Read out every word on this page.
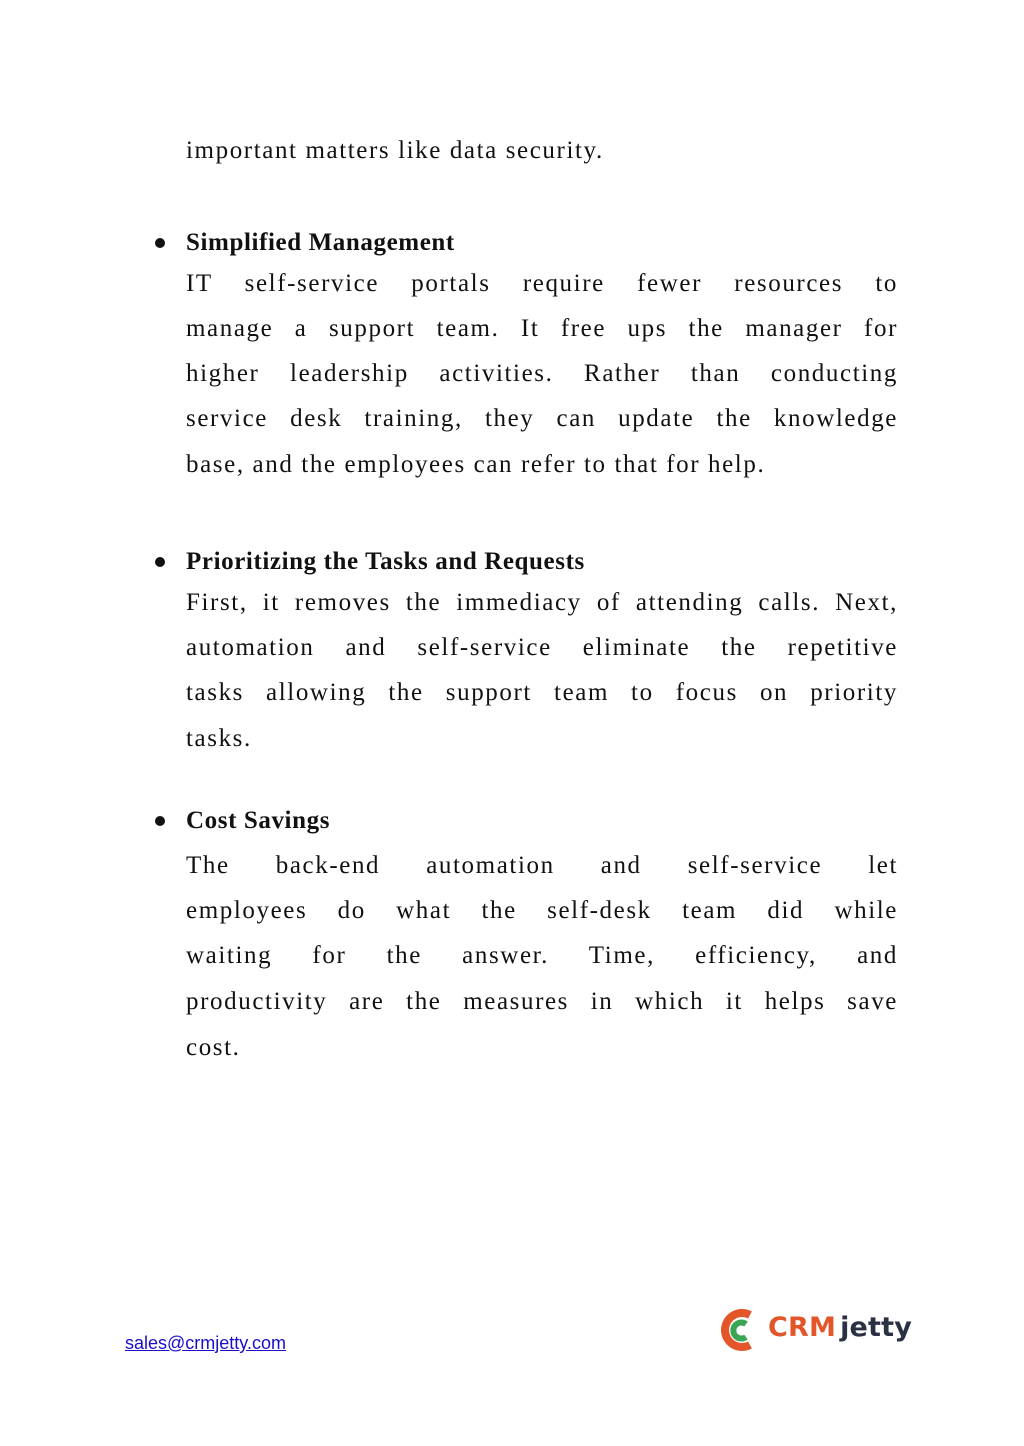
important matters like data security.
Simplified Management
IT self-service portals require fewer resources to
manage a support team. It free ups the manager for
higher leadership activities. Rather than conducting
service desk training, they can update the knowledge
base, and the employees can refer to that for help.
Prioritizing the Tasks and Requests
First, it removes the immediacy of attending calls. Next,
automation and self-service eliminate the repetitive
tasks allowing the support team to focus on priority
tasks.
Cost Savings
The back-end automation and self-service let
employees do what the self-desk team did while
waiting for the answer. Time, efficiency, and
productivity are the measures in which it helps save
cost.
sales@crmjetty.com	CRM jetty
